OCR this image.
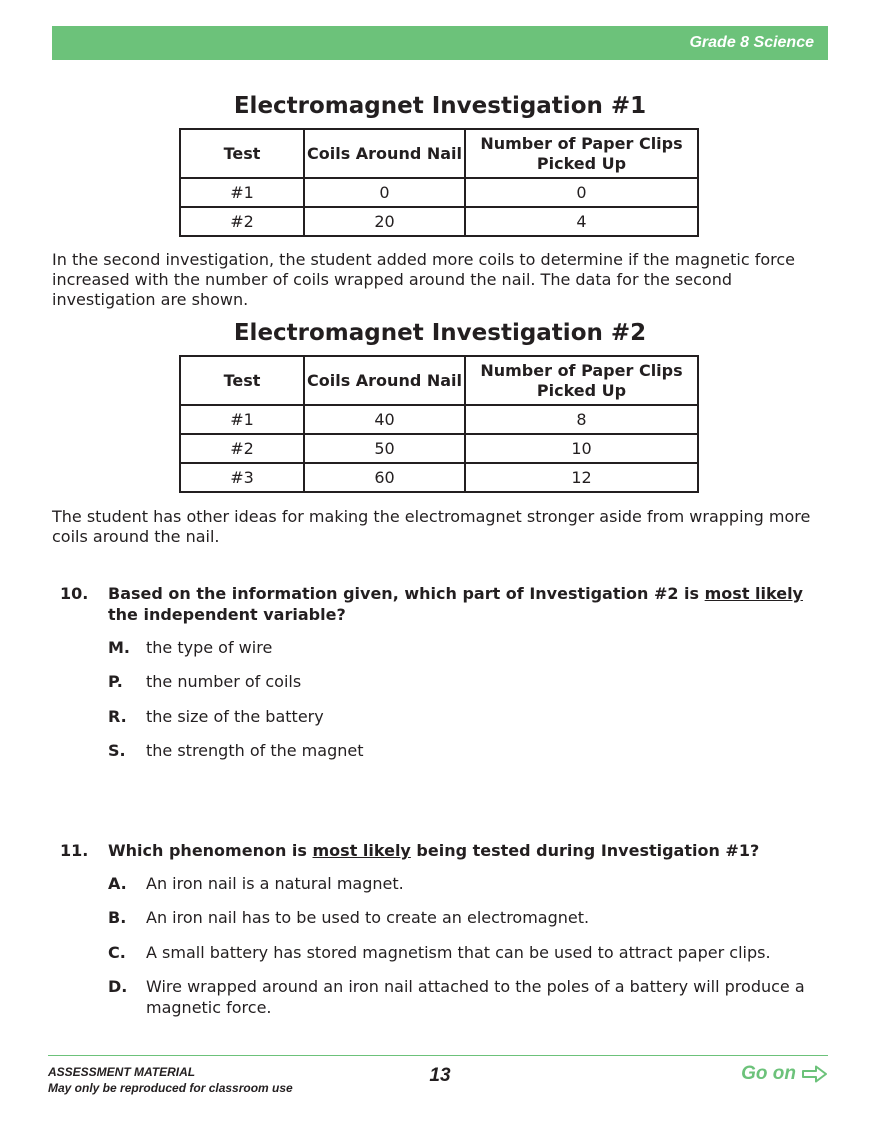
Grade 8 Science
Electromagnet Investigation #1
Test	Coils Around Nail	Number of Paper Clips Picked Up
#1	0	0
#2	20	4
In the second investigation, the student added more coils to determine if the magnetic force increased with the number of coils wrapped around the nail. The data for the second investigation are shown.
Electromagnet Investigation #2
Test	Coils Around Nail	Number of Paper Clips Picked Up
#1	40	8
#2	50	10
#3	60	12
The student has other ideas for making the electromagnet stronger aside from wrapping more coils around the nail.
10. Based on the information given, which part of Investigation #2 is most likely the independent variable?
M. the type of wire
P. the number of coils
R. the size of the battery
S. the strength of the magnet
11. Which phenomenon is most likely being tested during Investigation #1?
A. An iron nail is a natural magnet.
B. An iron nail has to be used to create an electromagnet.
C. A small battery has stored magnetism that can be used to attract paper clips.
D. Wire wrapped around an iron nail attached to the poles of a battery will produce a magnetic force.
ASSESSMENT MATERIAL
May only be reproduced for classroom use
13	Go on
